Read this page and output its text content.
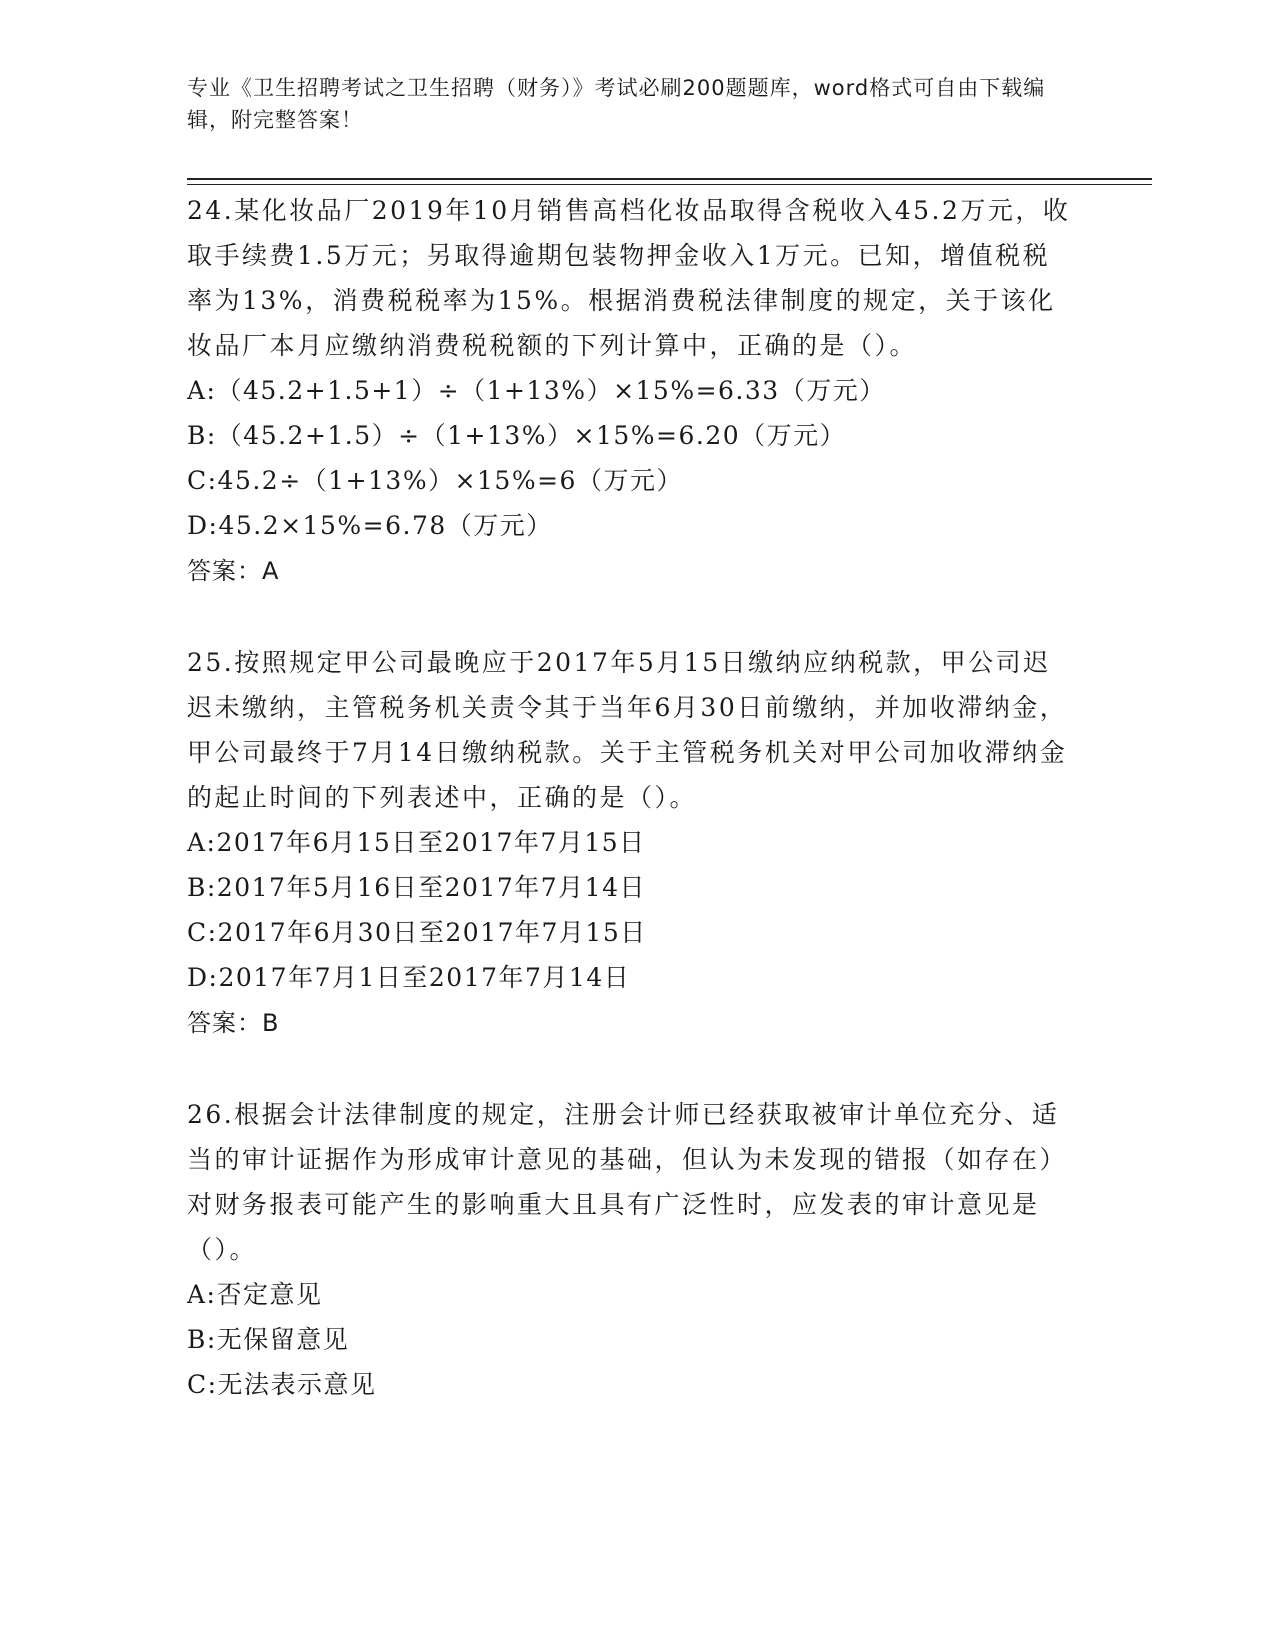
专业《卫生招聘考试之卫生招聘（财务）》考试必刷200题题库，word格式可自由下载编辑，附完整答案！

24.某化妆品厂2019年10月销售高档化妆品取得含税收入45.2万元，收取手续费1.5万元；另取得逾期包装物押金收入1万元。已知，增值税税率为13%，消费税税率为15%。根据消费税法律制度的规定，关于该化妆品厂本月应缴纳消费税税额的下列计算中，正确的是（）。

A:（45.2+1.5+1）÷（1+13%）×15%=6.33（万元）

B:（45.2+1.5）÷（1+13%）×15%=6.20（万元）

C:45.2÷（1+13%）×15%=6（万元）

D:45.2×15%=6.78（万元）

答案：A

25.按照规定甲公司最晚应于2017年5月15日缴纳应纳税款，甲公司迟迟未缴纳，主管税务机关责令其于当年6月30日前缴纳，并加收滞纳金，甲公司最终于7月14日缴纳税款。关于主管税务机关对甲公司加收滞纳金的起止时间的下列表述中，正确的是（）。

A:2017年6月15日至2017年7月15日

B:2017年5月16日至2017年7月14日

C:2017年6月30日至2017年7月15日

D:2017年7月1日至2017年7月14日

答案：B

26.根据会计法律制度的规定，注册会计师已经获取被审计单位充分、适当的审计证据作为形成审计意见的基础，但认为未发现的错报（如存在）对财务报表可能产生的影响重大且具有广泛性时，应发表的审计意见是（）。

A:否定意见

B:无保留意见

C:无法表示意见
